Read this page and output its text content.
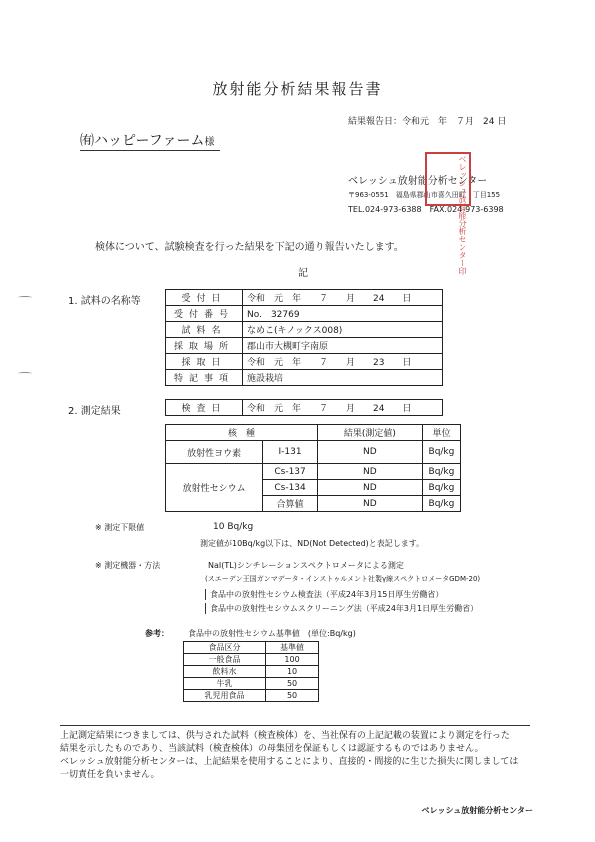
放射能分析結果報告書
結果報告日：令和元　年　７月　24 日
㈲ハッピーファーム様
ベレッシュ放射能分析センター
〒963-0551　福島県郡山市喜久田町　丁目155
TEL.024-973-6388　FAX.024-973-6398
ベレッシュ放射能分析センター印
検体について、試験検査を行った結果を下記の通り報告いたします。
記
1. 試料の名称等	受付日	令和　元　年　　７　　月　　24　　日
受付番号	No.　32769
試料名	なめこ(キノックス008)
採取場所	郡山市大槻町字南原
採取日	令和　元　年　　７　　月　　23　　日
特記事項	施設栽培
2. 測定結果	検査日	令和　元　年　　７　　月　　24　　日
核　種		結果(測定値)	単位
放射性ヨウ素	I-131	ND	Bq/kg
放射性セシウム	Cs-137	ND	Bq/kg
	Cs-134	ND	Bq/kg
	合算値	ND	Bq/kg
※ 測定下限値	10 Bq/kg
測定値が10Bq/kg以下は、ND(Not Detected)と表記します。
※ 測定機器・方法	NaI(TL)シンチレーションスペクトロメータによる測定
(スエーデン王国ガンマデータ・インストゥルメント社製γ線スペクトロメータGDM-20)
食品中の放射性セシウム検査法（平成24年3月15日厚生労働省）
食品中の放射性セシウムスクリーニング法（平成24年3月1日厚生労働省）
参考： 食品中の放射性セシウム基準値　(単位:Bq/kg)
食品区分	基準値
一般食品	100
飲料水	10
牛乳	50
乳児用食品	50
上記測定結果につきましては、供与された試料（検査検体）を、当社保有の上記記載の装置により測定を行った
結果を示したものであり、当該試料（検査検体）の母集団を保証もしくは認証するものではありません。
ベレッシュ放射能分析センターは、上記結果を使用することにより、直接的・間接的に生じた損失に関しましては
一切責任を負いません。
ベレッシュ放射能分析センター
